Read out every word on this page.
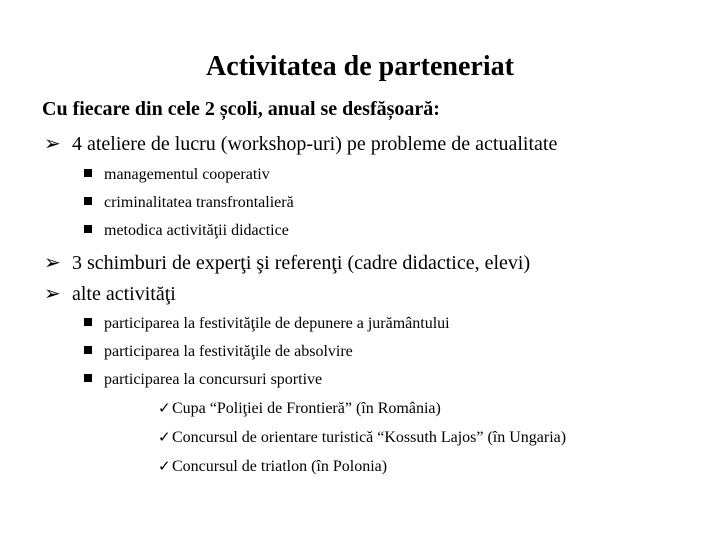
Activitatea de parteneriat
Cu fiecare din cele 2 școli, anual se desfășoară:
➢ 4 ateliere de lucru (workshop-uri) pe probleme de actualitate
managementul cooperativ
criminalitatea transfrontalieră
metodica activităţii didactice
➢ 3 schimburi de experţi şi referenţi (cadre didactice, elevi)
➢ alte activităţi
participarea la festivităţile de depunere a jurământului
participarea la festivităţile de absolvire
participarea la concursuri sportive
✓Cupa “Poliţiei de Frontieră” (în România)
✓Concursul de orientare turistică “Kossuth Lajos” (în Ungaria)
✓Concursul de triatlon (în Polonia)
